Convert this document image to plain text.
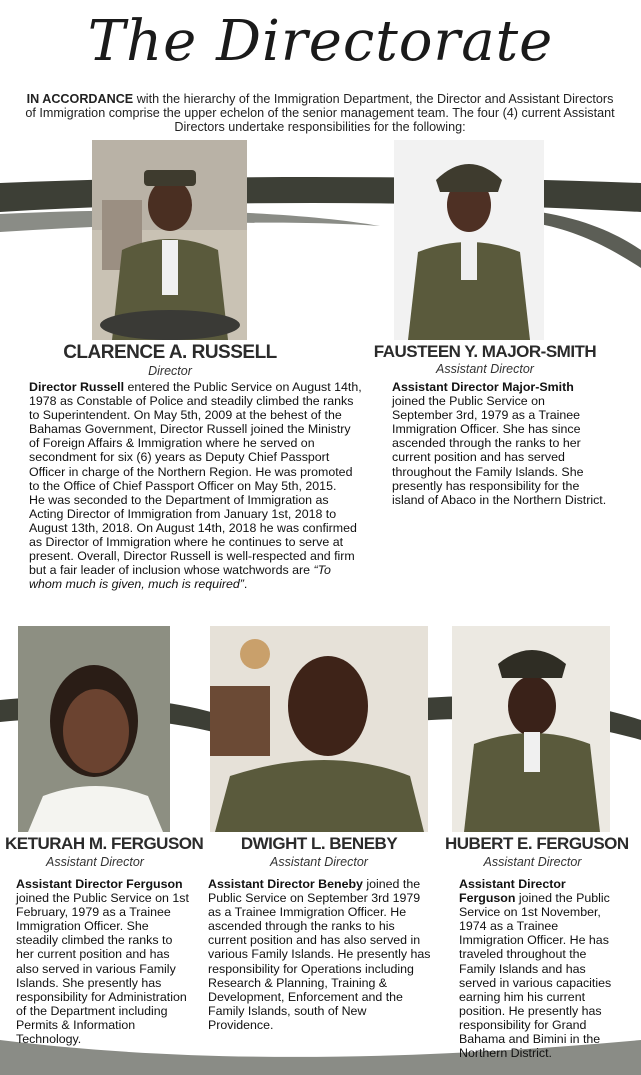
The Directorate
IN ACCORDANCE with the hierarchy of the Immigration Department, the Director and Assistant Directors of Immigration comprise the upper echelon of the senior management team. The four (4) current Assistant Directors undertake responsibilities for the following:
CLARENCE A. RUSSELL
Director

Director Russell entered the Public Service on August 14th, 1978 as Constable of Police and steadily climbed the ranks to Superintendent. On May 5th, 2009 at the behest of the Bahamas Government, Director Russell joined the Ministry of Foreign Affairs & Immigration where he served on secondment for six (6) years as Deputy Chief Passport Officer in charge of the Northern Region. He was promoted to the Office of Chief Passport Officer on May 5th, 2015.

He was seconded to the Department of Immigration as Acting Director of Immigration from January 1st, 2018 to August 13th, 2018. On August 14th, 2018 he was confirmed as Director of Immigration where he continues to serve at present. Overall, Director Russell is well-respected and firm but a fair leader of inclusion whose watchwords are “To whom much is given, much is required”.

FAUSTEEN Y. MAJOR-SMITH
Assistant Director

Assistant Director Major-Smith joined the Public Service on September 3rd, 1979 as a Trainee Immigration Officer. She has since ascended through the ranks to her current position and has served throughout the Family Islands. She presently has responsibility for the island of Abaco in the Northern District.

KETURAH M. FERGUSON
Assistant Director

Assistant Director Ferguson joined the Public Service on 1st February, 1979 as a Trainee Immigration Officer. She steadily climbed the ranks to her current position and has also served in various Family Islands. She presently has responsibility for Administration of the Department including Permits & Information Technology.

DWIGHT L. BENEBY
Assistant Director

Assistant Director Beneby joined the Public Service on September 3rd 1979 as a Trainee Immigration Officer. He ascended through the ranks to his current position and has also served in various Family Islands. He presently has responsibility for Operations including Research & Planning, Training & Development, Enforcement and the Family Islands, south of New Providence.

HUBERT E. FERGUSON
Assistant Director

Assistant Director Ferguson joined the Public Service on 1st November, 1974 as a Trainee Immigration Officer. He has traveled throughout the Family Islands and has served in various capacities earning him his current position. He presently has responsibility for Grand Bahama and Bimini in the Northern District.
